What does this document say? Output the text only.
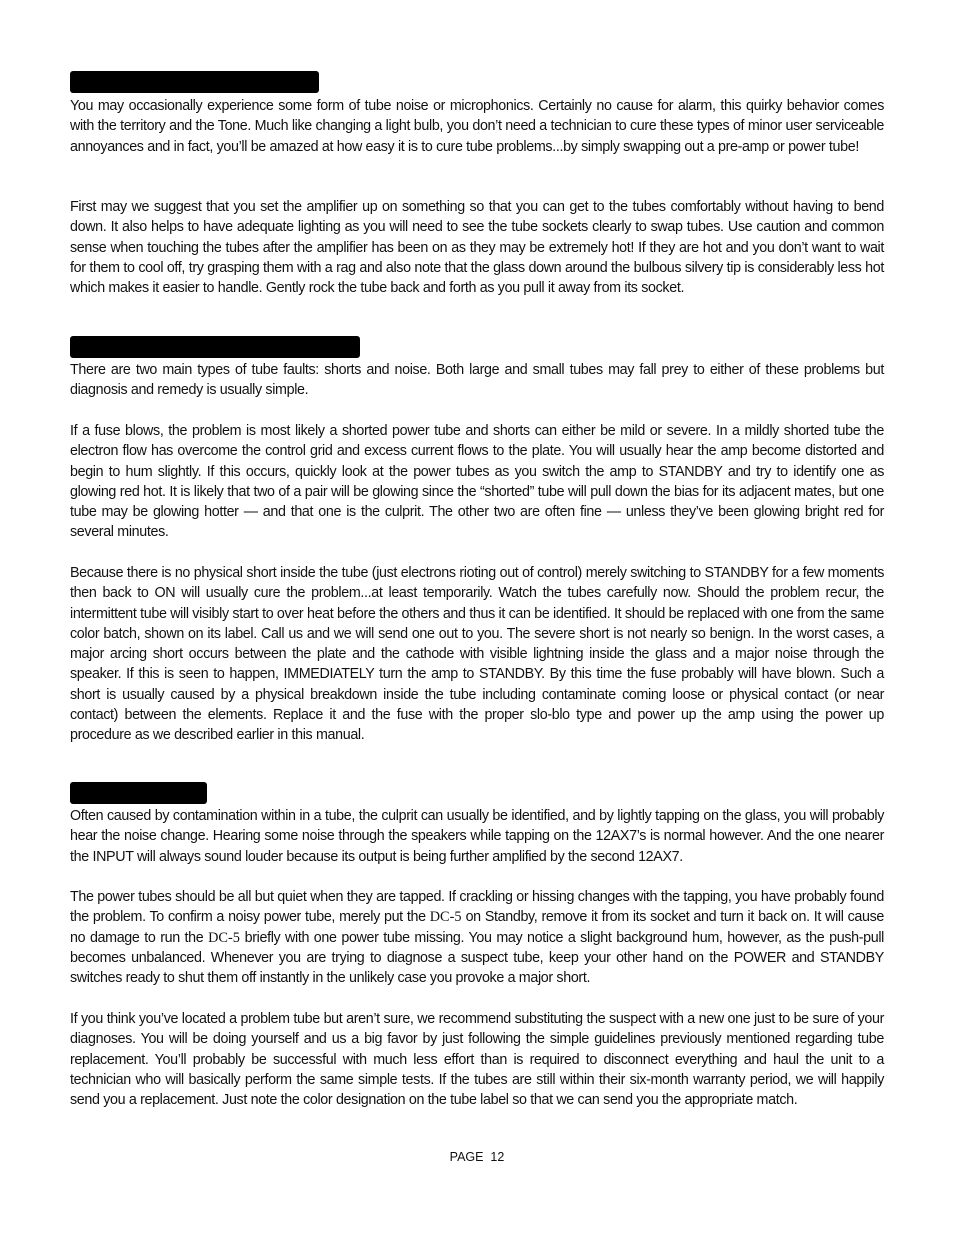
You may occasionally experience some form of tube noise or microphonics. Certainly no cause for alarm, this quirky behavior comes with the territory and the Tone. Much like changing a light bulb, you don’t need a technician to cure these types of minor user serviceable annoyances and in fact, you’ll be amazed at how easy it is to cure tube problems...by simply swapping out a pre-amp or power tube!

First may we suggest that you set the amplifier up on something so that you can get to the tubes comfortably without having to bend down. It also helps to have adequate lighting as you will need to see the tube sockets clearly to swap tubes. Use caution and common sense when touching the tubes after the amplifier has been on as they may be extremely hot! If they are hot and you don’t want to wait for them to cool off, try grasping them with a rag and also note that the glass down around the bulbous silvery tip is considerably less hot which makes it easier to handle. Gently rock the tube back and forth as you pull it away from its socket.

There are two main types of tube faults: shorts and noise. Both large and small tubes may fall prey to either of these problems but diagnosis and remedy is usually simple.

If a fuse blows, the problem is most likely a shorted power tube and shorts can either be mild or severe. In a mildly shorted tube the electron flow has overcome the control grid and excess current flows to the plate. You will usually hear the amp become distorted and begin to hum slightly. If this occurs, quickly look at the power tubes as you switch the amp to STANDBY and try to identify one as glowing red hot. It is likely that two of a pair will be glowing since the “shorted” tube will pull down the bias for its adjacent mates, but one tube may be glowing hotter — and that one is the culprit. The other two are often fine — unless they’ve been glowing bright red for several minutes.

Because there is no physical short inside the tube (just electrons rioting out of control) merely switching to STANDBY for a few moments then back to ON will usually cure the problem...at least temporarily. Watch the tubes carefully now. Should the problem recur, the intermittent tube will visibly start to over heat before the others and thus it can be identified. It should be replaced with one from the same color batch, shown on its label. Call us and we will send one out to you. The severe short is not nearly so benign. In the worst cases, a major arcing short occurs between the plate and the cathode with visible lightning inside the glass and a major noise through the speaker. If this is seen to happen, IMMEDIATELY turn the amp to STANDBY. By this time the fuse probably will have blown. Such a short is usually caused by a physical breakdown inside the tube including contaminate coming loose or physical contact (or near contact) between the elements. Replace it and the fuse with the proper slo-blo type and power up the amp using the power up procedure as we described earlier in this manual.

Often caused by contamination within in a tube, the culprit can usually be identified, and by lightly tapping on the glass, you will probably hear the noise change. Hearing some noise through the speakers while tapping on the 12AX7’s is normal however. And the one nearer the INPUT will always sound louder because its output is being further amplified by the second 12AX7.

The power tubes should be all but quiet when they are tapped. If crackling or hissing changes with the tapping, you have probably found the problem. To confirm a noisy power tube, merely put the DC-5 on Standby, remove it from its socket and turn it back on. It will cause no damage to run the DC-5 briefly with one power tube missing. You may notice a slight background hum, however, as the push-pull becomes unbalanced. Whenever you are trying to diagnose a suspect tube, keep your other hand on the POWER and STANDBY switches ready to shut them off instantly in the unlikely case you provoke a major short.

If you think you’ve located a problem tube but aren’t sure, we recommend substituting the suspect with a new one just to be sure of your diagnoses. You will be doing yourself and us a big favor by just following the simple guidelines previously mentioned regarding tube replacement. You’ll probably be successful with much less effort than is required to disconnect everything and haul the unit to a technician who will basically perform the same simple tests. If the tubes are still within their six-month warranty period, we will happily send you a replacement. Just note the color designation on the tube label so that we can send you the appropriate match.

PAGE  12
